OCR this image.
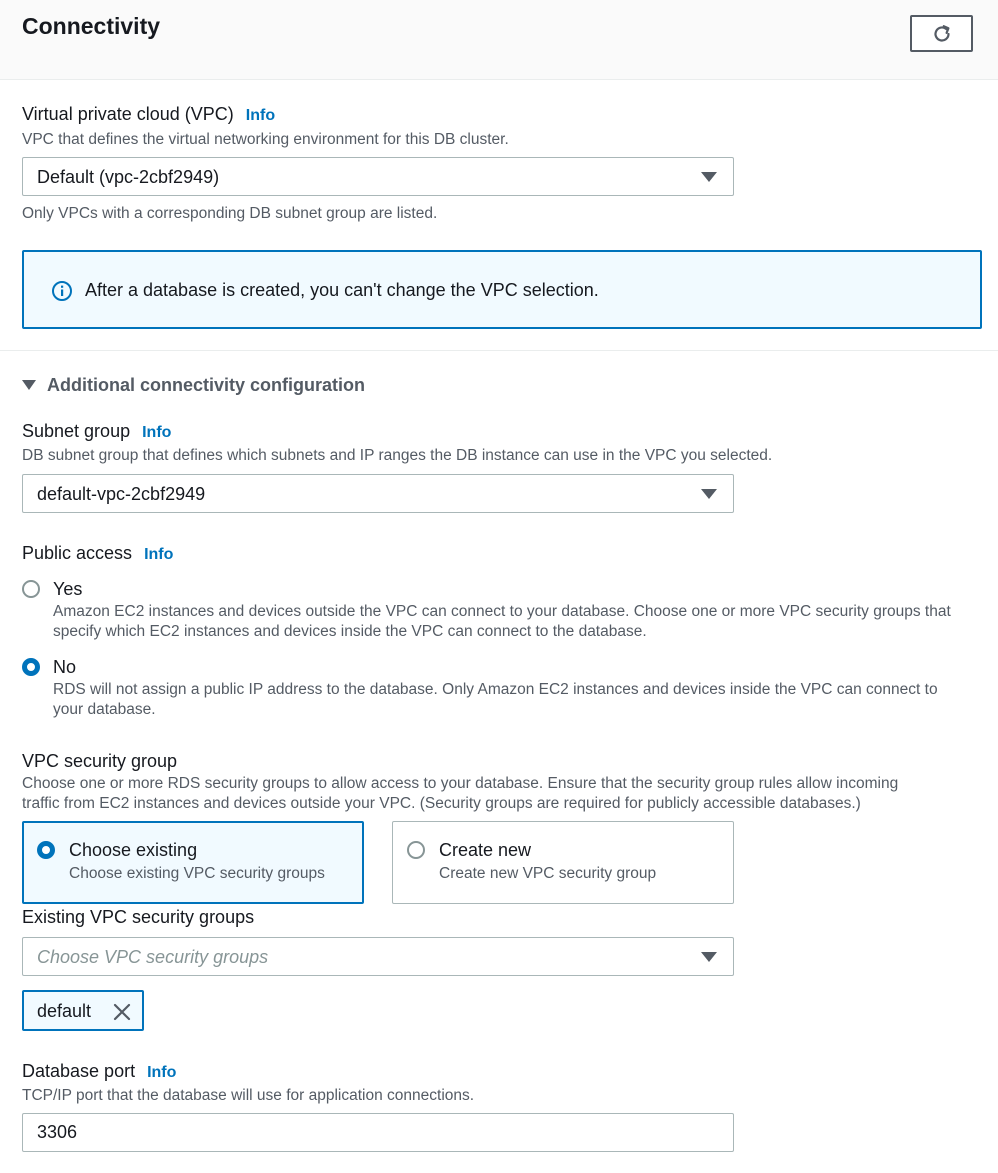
Connectivity
Virtual private cloud (VPC) Info
VPC that defines the virtual networking environment for this DB cluster.
Default (vpc-2cbf2949)
Only VPCs with a corresponding DB subnet group are listed.
After a database is created, you can't change the VPC selection.
Additional connectivity configuration
Subnet group Info
DB subnet group that defines which subnets and IP ranges the DB instance can use in the VPC you selected.
default-vpc-2cbf2949
Public access Info
Yes
Amazon EC2 instances and devices outside the VPC can connect to your database. Choose one or more VPC security groups that
specify which EC2 instances and devices inside the VPC can connect to the database.
No
RDS will not assign a public IP address to the database. Only Amazon EC2 instances and devices inside the VPC can connect to
your database.
VPC security group
Choose one or more RDS security groups to allow access to your database. Ensure that the security group rules allow incoming
traffic from EC2 instances and devices outside your VPC. (Security groups are required for publicly accessible databases.)
Choose existing
Choose existing VPC security groups
Create new
Create new VPC security group
Existing VPC security groups
Choose VPC security groups
default
Database port Info
TCP/IP port that the database will use for application connections.
3306
